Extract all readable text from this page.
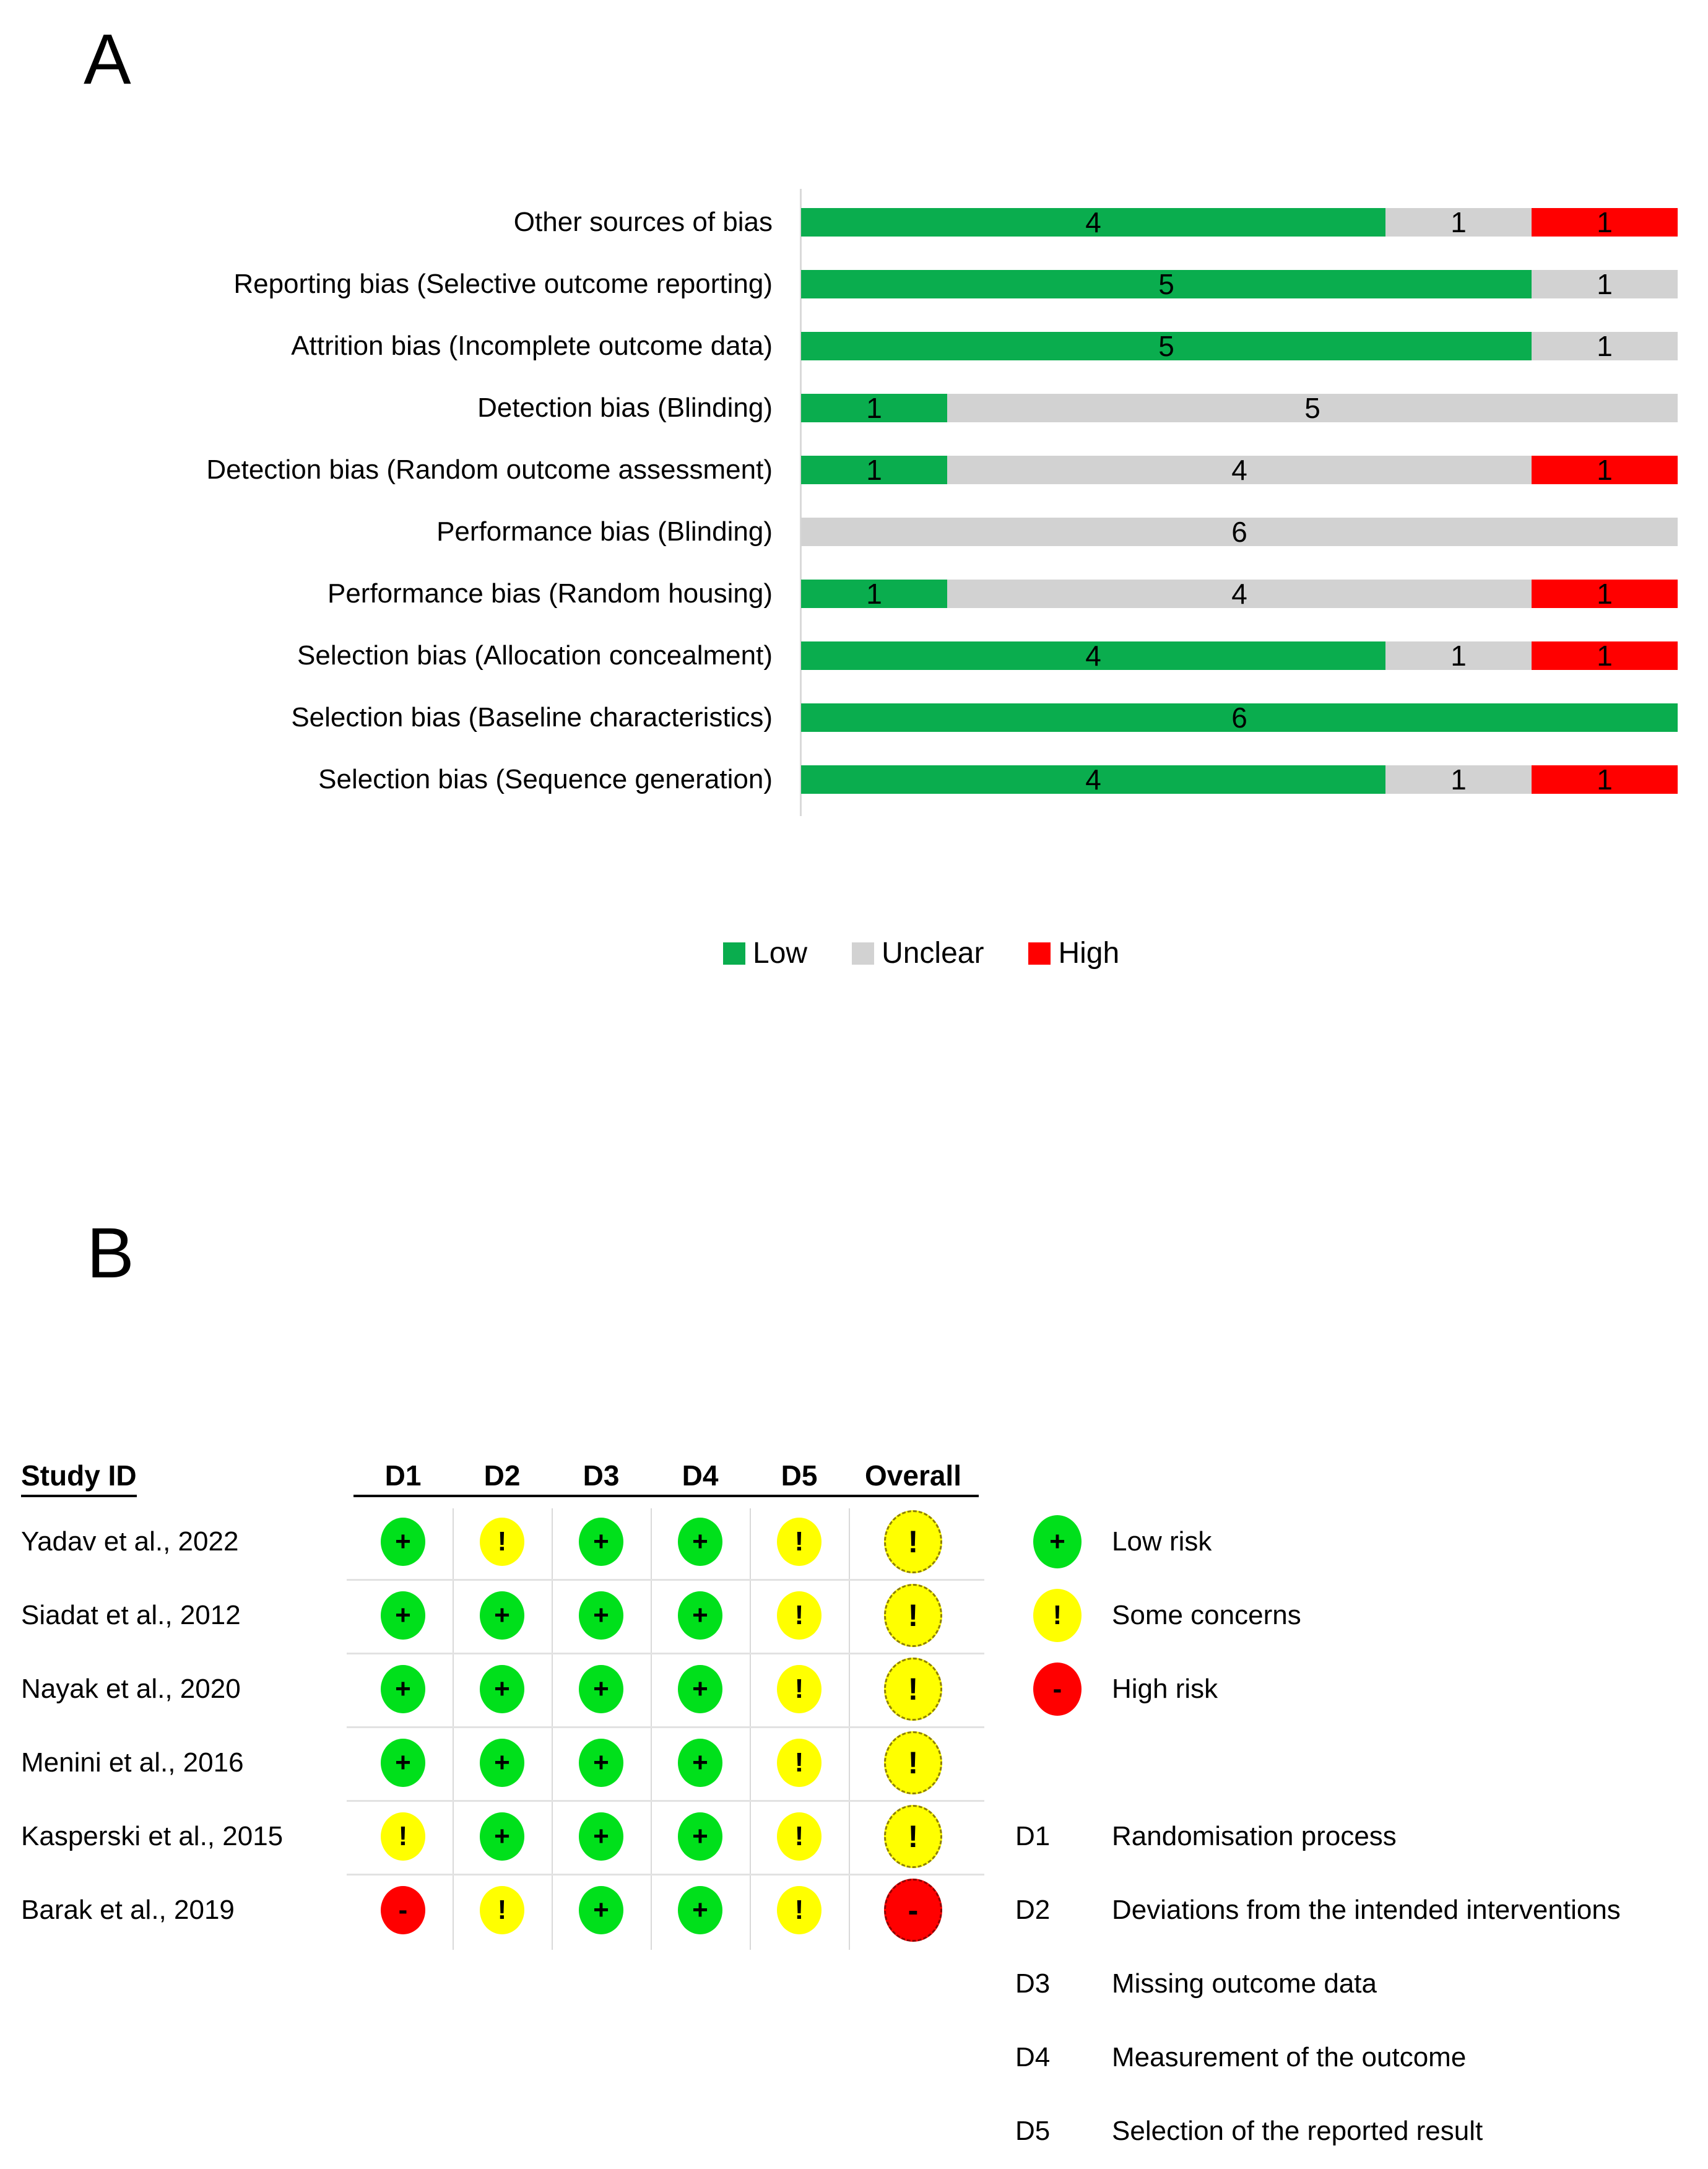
A
Other sources of bias	4	1	1
Reporting bias (Selective outcome reporting)	5	1
Attrition bias (Incomplete outcome data)	5	1
Detection bias (Blinding)	1	5
Detection bias (Random outcome assessment)	1	4	1
Performance bias (Blinding)	6
Performance bias (Random housing)	1	4	1
Selection bias (Allocation concealment)	4	1	1
Selection bias (Baseline characteristics)	6
Selection bias (Sequence generation)	4	1	1
Low	Unclear	High
B
Study ID	D1	D2	D3	D4	D5	Overall
Yadav et al., 2022	+	!	+	+	!	!
Siadat et al., 2012	+	+	+	+	!	!
Nayak et al., 2020	+	+	+	+	!	!
Menini et al., 2016	+	+	+	+	!	!
Kasperski et al., 2015	!	+	+	+	!	!
Barak et al., 2019	-	!	+	+	!	-
+ Low risk
! Some concerns
- High risk
D1 Randomisation process
D2 Deviations from the intended interventions
D3 Missing outcome data
D4 Measurement of the outcome
D5 Selection of the reported result
